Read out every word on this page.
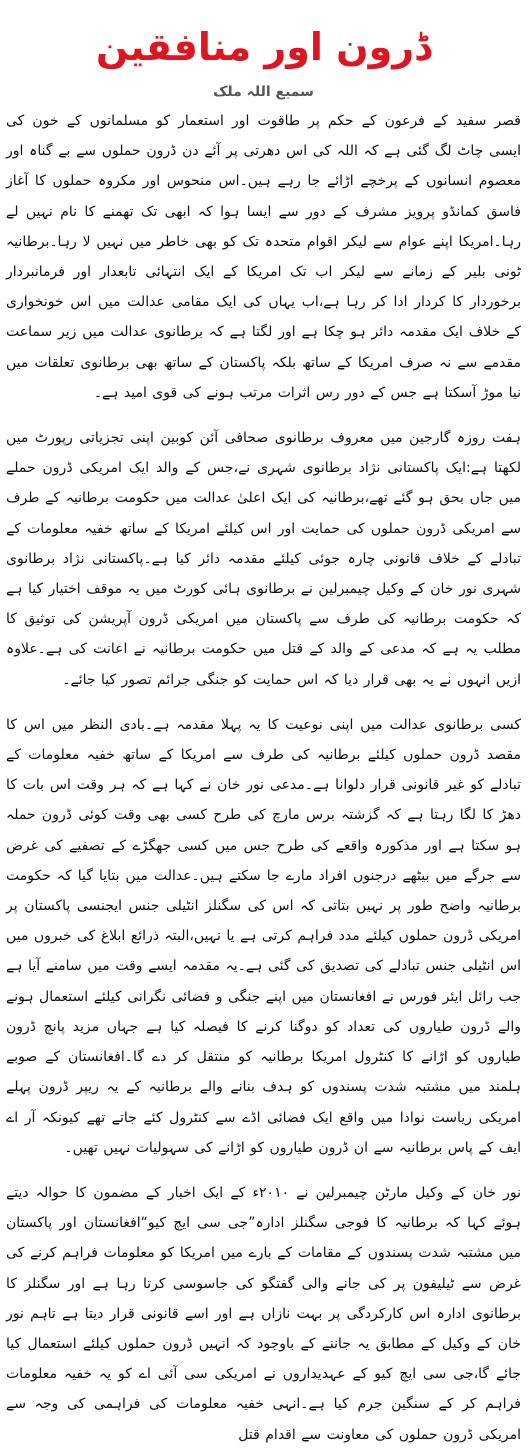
ڈرون اور منافقین
سمیع اللہ ملک

قصر سفید کے فرعون کے حکم پر طاقوت اور استعمار کو مسلمانوں کے خون کی ایسی چاٹ لگ گئی ہے کہ اللہ کی اس دھرتی پر آئے دن ڈرون حملوں سے بے گناہ اور معصوم انسانوں کے پرخچے اڑائے جا رہے ہیں۔اس منحوس اور مکروہ حملوں کا آغاز فاسق کمانڈو پرویز مشرف کے دور سے ایسا ہوا کہ ابھی تک تھمنے کا نام نہیں لے رہا۔امریکا اپنے عوام سے لیکر اقوام متحدہ تک کو بھی خاطر میں نہیں لا رہا۔برطانیہ ٹونی بلیر کے زمانے سے لیکر اب تک امریکا کے ایک انتہائی تابعدار اور فرمانبردار برخوردار کا کردار ادا کر رہا ہے،اب یہاں کی ایک مقامی عدالت میں اس خونخواری کے خلاف ایک مقدمہ دائر ہو چکا ہے اور لگتا ہے کہ برطانوی عدالت میں زیر سماعت مقدمے سے نہ صرف امریکا کے ساتھ بلکہ پاکستان کے ساتھ بھی برطانوی تعلقات میں نیا موڑ آسکتا ہے جس کے دور رس اثرات مرتب ہونے کی قوی امید ہے۔

ہفت روزہ گارجین میں معروف برطانوی صحافی آئن کوبین اپنی تجزیاتی رپورٹ میں لکھتا ہے:ایک پاکستانی نژاد برطانوی شہری نے،جس کے والد ایک امریکی ڈرون حملے میں جاں بحق ہو گئے تھے،برطانیہ کی ایک اعلیٰ عدالت میں حکومت برطانیہ کے طرف سے امریکی ڈرون حملوں کی حمایت اور اس کیلئے امریکا کے ساتھ خفیہ معلومات کے تبادلے کے خلاف قانونی چارہ جوئی کیلئے مقدمہ دائر کیا ہے۔پاکستانی نژاد برطانوی شہری نور خان کے وکیل چیمبرلین نے برطانوی ہائی کورٹ میں یہ موقف اختیار کیا ہے کہ حکومت برطانیہ کی طرف سے پاکستان میں امریکی ڈرون آپریشن کی توثیق کا مطلب یہ ہے کہ مدعی کے والد کے قتل میں حکومت برطانیہ نے اعانت کی ہے۔علاوہ ازیں انہوں نے یہ بھی قرار دیا کہ اس حمایت کو جنگی جرائم تصور کیا جائے۔

کسی برطانوی عدالت میں اپنی نوعیت کا یہ پہلا مقدمہ ہے۔بادی النظر میں اس کا مقصد ڈرون حملوں کیلئے برطانیہ کی طرف سے امریکا کے ساتھ خفیہ معلومات کے تبادلے کو غیر قانونی قرار دلوانا ہے۔مدعی نور خان نے کہا ہے کہ ہر وقت اس بات کا دھڑ کا لگا رہتا ہے کہ گزشتہ برس مارچ کی طرح کسی بھی وقت کوئی ڈرون حملہ ہو سکتا ہے اور مذکورہ واقعے کی طرح جس میں کسی جھگڑے کے تصفیے کی غرض سے جرگے میں بیٹھے درجنوں افراد مارے جا سکتے ہیں۔عدالت میں بتایا گیا کہ حکومت برطانیہ واضح طور پر نہیں بتاتی کہ اس کی سگنلز انٹیلی جنس ایجنسی پاکستان پر امریکی ڈرون حملوں کیلئے مدد فراہم کرتی ہے یا نہیں،البتہ ذرائع ابلاغ کی خبروں میں اس انٹیلی جنس تبادلے کی تصدیق کی گئی ہے۔یہ مقدمہ ایسے وقت میں سامنے آیا ہے جب رائل ایئر فورس نے افغانستان میں اپنے جنگی و فضائی نگرانی کیلئے استعمال ہونے والے ڈرون طیاروں کی تعداد کو دوگنا کرنے کا فیصلہ کیا ہے جہاں مزید پانچ ڈرون طیاروں کو اڑانے کا کنٹرول امریکا برطانیہ کو منتقل کر دے گا۔افغانستان کے صوبے ہلمند میں مشتبہ شدت پسندوں کو ہدف بنانے والے برطانیہ کے یہ ریپر ڈرون پہلے امریکی ریاست نوادا میں واقع ایک فضائی اڈے سے کنٹرول کئے جاتے تھے کیونکہ آر اے ایف کے پاس برطانیہ سے ان ڈرون طیاروں کو اڑانے کی سہولیات نہیں تھیں۔

نور خان کے وکیل مارٹن چیمبرلین نے ۲۰۱۰ء کے ایک اخبار کے مضمون کا حوالہ دیتے ہوئے کہا کہ برطانیہ کا فوجی سگنلز ادارہ”جی سی ایچ کیو“افغانستان اور پاکستان میں مشتبہ شدت پسندوں کے مقامات کے بارے میں امریکا کو معلومات فراہم کرنے کی غرض سے ٹیلیفون پر کی جانے والی گفتگو کی جاسوسی کرتا رہا ہے اور سگنلز کا برطانوی ادارہ اس کارکردگی پر بہت نازاں ہے اور اسے قانونی قرار دیتا ہے تاہم نور خان کے وکیل کے مطابق یہ جاننے کے باوجود کہ انہیں ڈرون حملوں کیلئے استعمال کیا جائے گا،جی سی ایچ کیو کے عہدیداروں نے امریکی سی آئی اے کو یہ خفیہ معلومات فراہم کر کے سنگین جرم کیا ہے۔انہی خفیہ معلومات کی فراہمی کی وجہ سے امریکی ڈرون حملوں کی معاونت سے اقدام قتل
